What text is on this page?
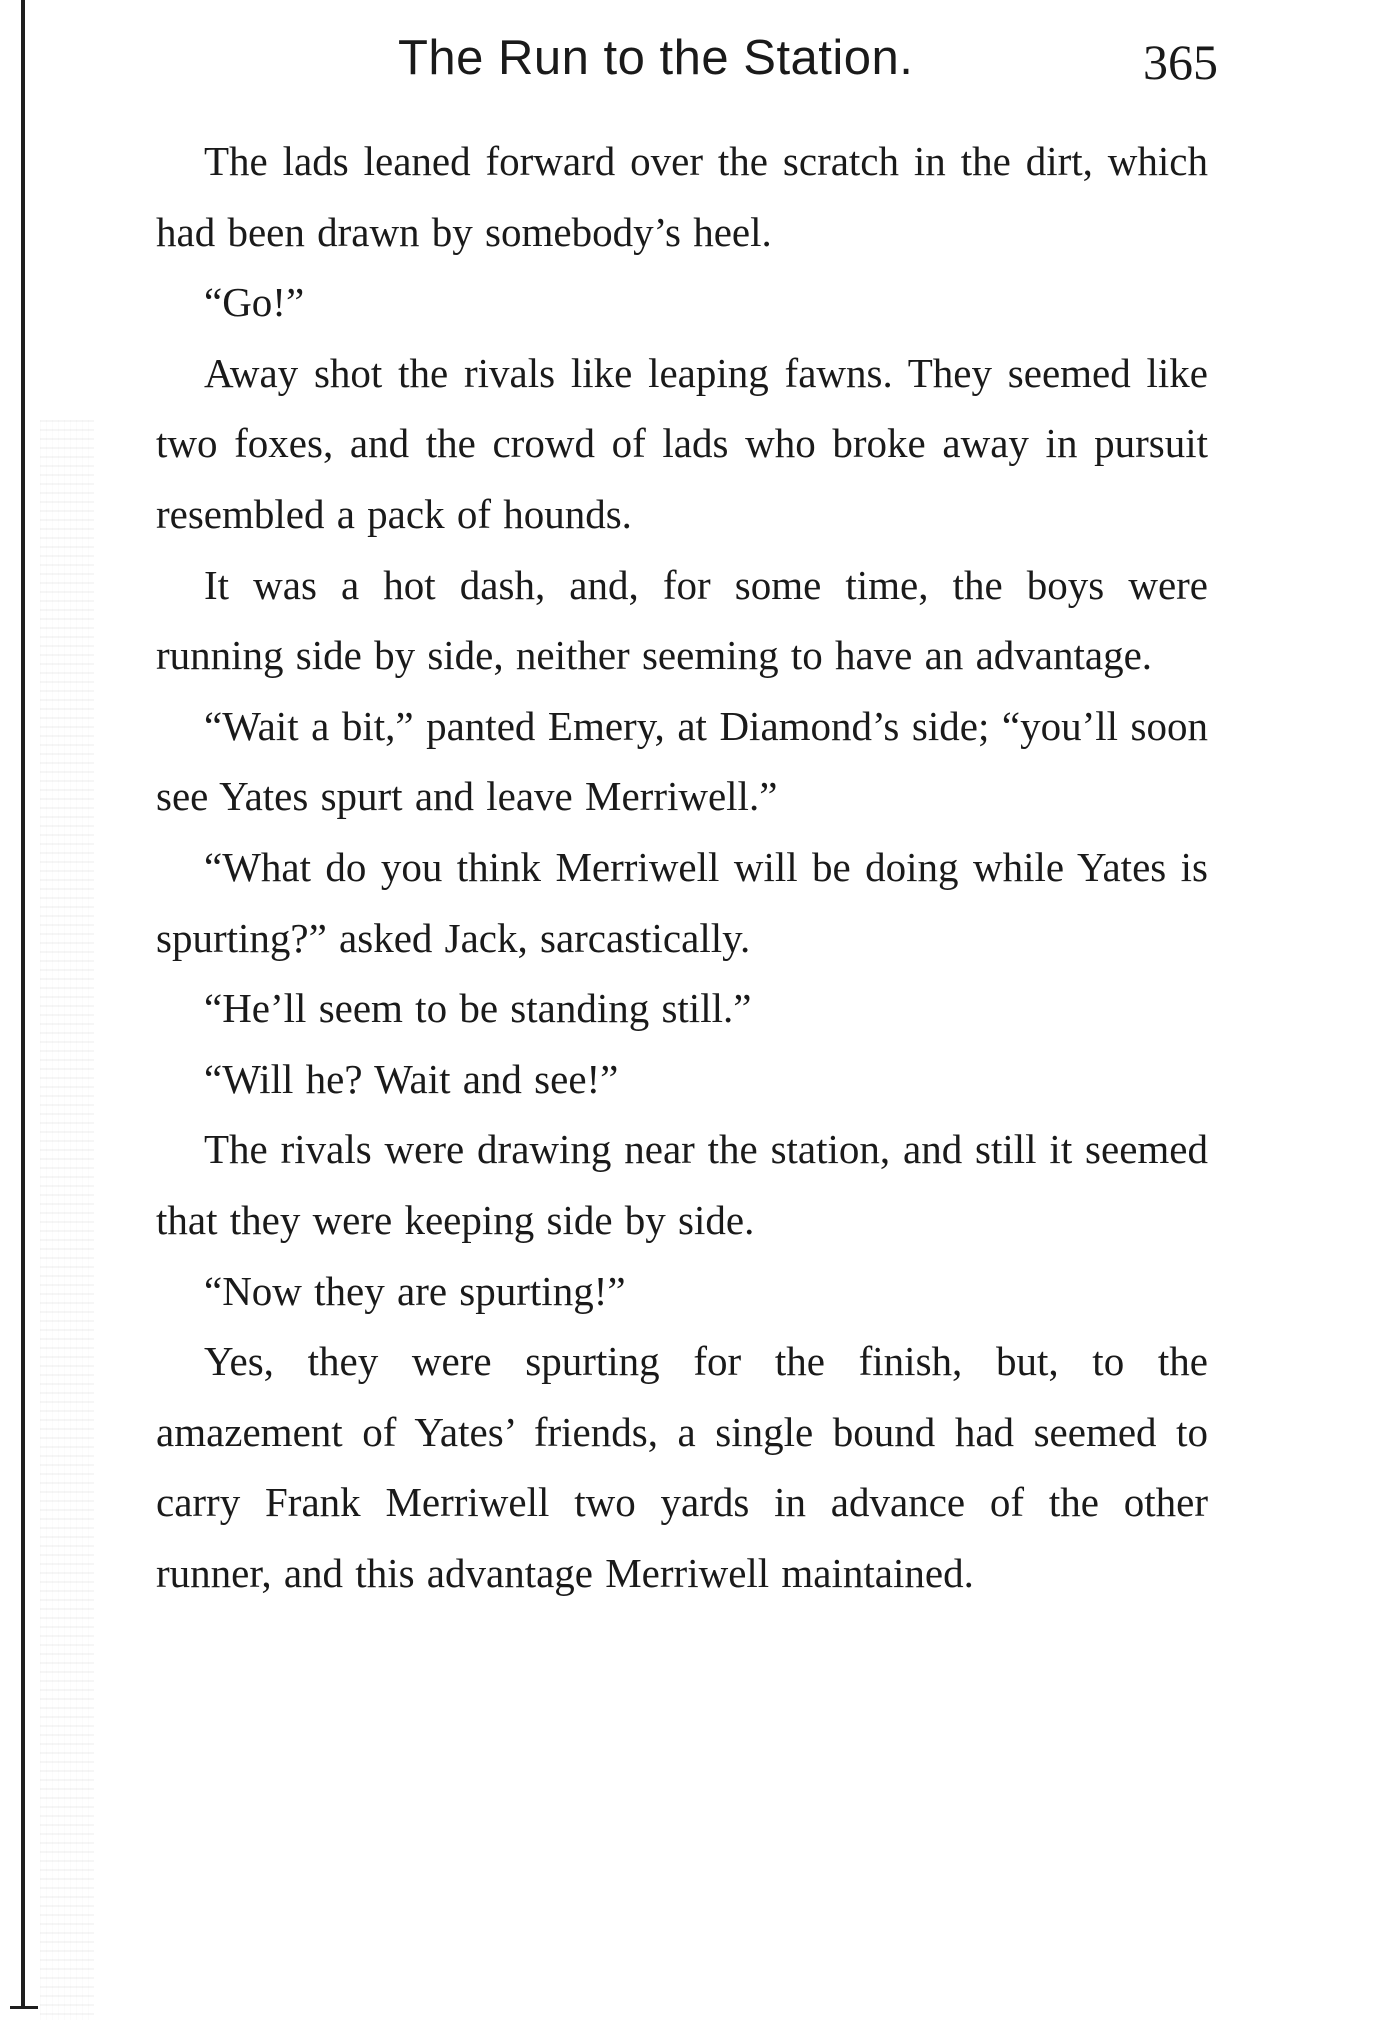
The Run to the Station.	365

The lads leaned forward over the scratch in the dirt, which had been drawn by somebody’s heel.

“Go!”

Away shot the rivals like leaping fawns. They seemed like two foxes, and the crowd of lads who broke away in pursuit resembled a pack of hounds.

It was a hot dash, and, for some time, the boys were running side by side, neither seeming to have an advantage.

“Wait a bit,” panted Emery, at Diamond’s side; “you’ll soon see Yates spurt and leave Merriwell.”

“What do you think Merriwell will be doing while Yates is spurting?” asked Jack, sarcastically.

“He’ll seem to be standing still.”

“Will he? Wait and see!”

The rivals were drawing near the station, and still it seemed that they were keeping side by side.

“Now they are spurting!”

Yes, they were spurting for the finish, but, to the amazement of Yates’ friends, a single bound had seemed to carry Frank Merriwell two yards in advance of the other runner, and this advantage Merriwell maintained.
